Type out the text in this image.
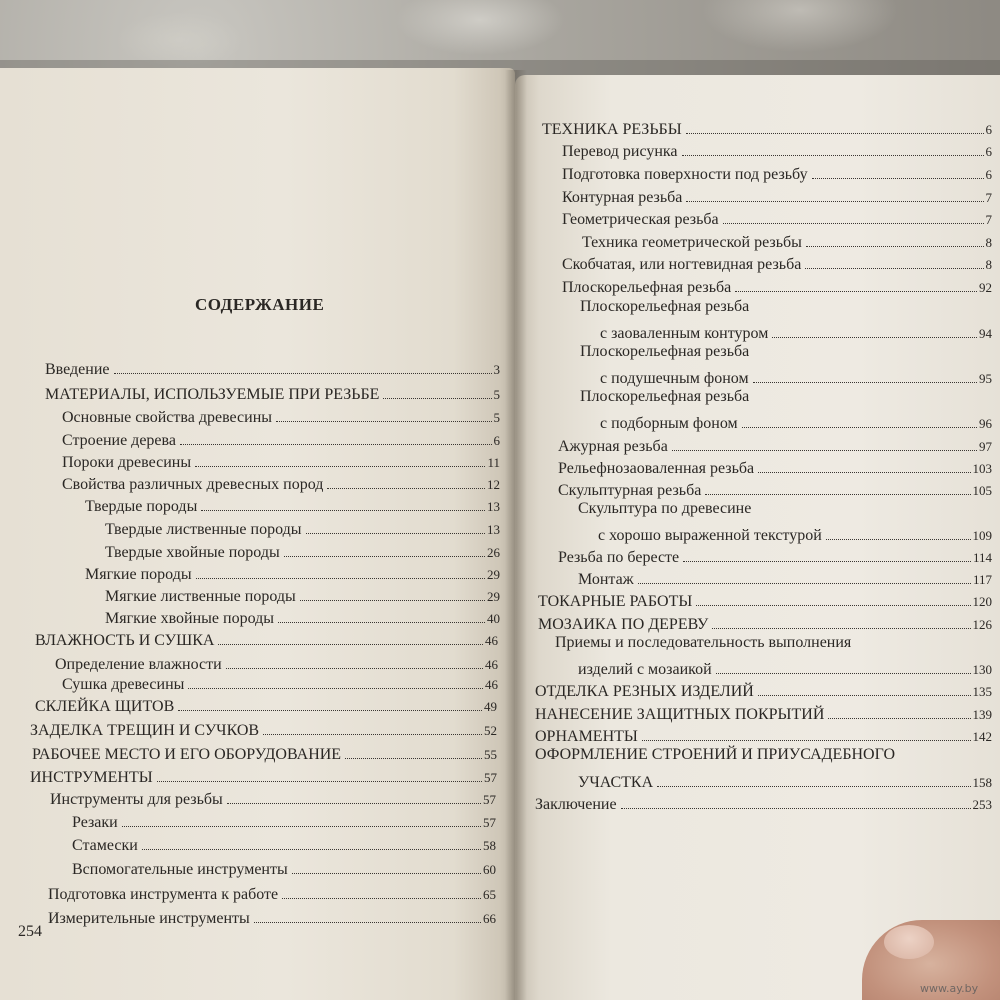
СОДЕРЖАНИЕ
Введение	3
МАТЕРИАЛЫ, ИСПОЛЬЗУЕМЫЕ ПРИ РЕЗЬБЕ	5
Основные свойства древесины	5
Строение дерева	6
Пороки древесины	11
Свойства различных древесных пород	12
Твердые породы	13
Твердые лиственные породы	13
Твердые хвойные породы	26
Мягкие породы	29
Мягкие лиственные породы	29
Мягкие хвойные породы	40
ВЛАЖНОСТЬ И СУШКА	46
Определение влажности	46
Сушка древесины	46
СКЛЕЙКА ЩИТОВ	49
ЗАДЕЛКА ТРЕЩИН И СУЧКОВ	52
РАБОЧЕЕ МЕСТО И ЕГО ОБОРУДОВАНИЕ	55
ИНСТРУМЕНТЫ	57
Инструменты для резьбы	57
Резаки	57
Стамески	58
Вспомогательные инструменты	60
Подготовка инструмента к работе	65
Измерительные инструменты	66
ТЕХНИКА РЕЗЬБЫ	6
Перевод рисунка	6
Подготовка поверхности под резьбу	6
Контурная резьба	7
Геометрическая резьба	7
Техника геометрической резьбы	8
Скобчатая, или ногтевидная резьба	8
Плоскорельефная резьба	92
Плоскорельефная резьба
с заоваленным контуром	94
Плоскорельефная резьба
с подушечным фоном	95
Плоскорельефная резьба
с подборным фоном	96
Ажурная резьба	97
Рельефнозаоваленная резьба	103
Скульптурная резьба	105
Скульптура по древесине
с хорошо выраженной текстурой	109
Резьба по бересте	114
Монтаж	117
ТОКАРНЫЕ РАБОТЫ	120
МОЗАИКА ПО ДЕРЕВУ	126
Приемы и последовательность выполнения
изделий с мозаикой	130
ОТДЕЛКА РЕЗНЫХ ИЗДЕЛИЙ	135
НАНЕСЕНИЕ ЗАЩИТНЫХ ПОКРЫТИЙ	139
ОРНАМЕНТЫ	142
ОФОРМЛЕНИЕ СТРОЕНИЙ И ПРИУСАДЕБНОГО
УЧАСТКА	158
Заключение	253
254
www.ay.by
